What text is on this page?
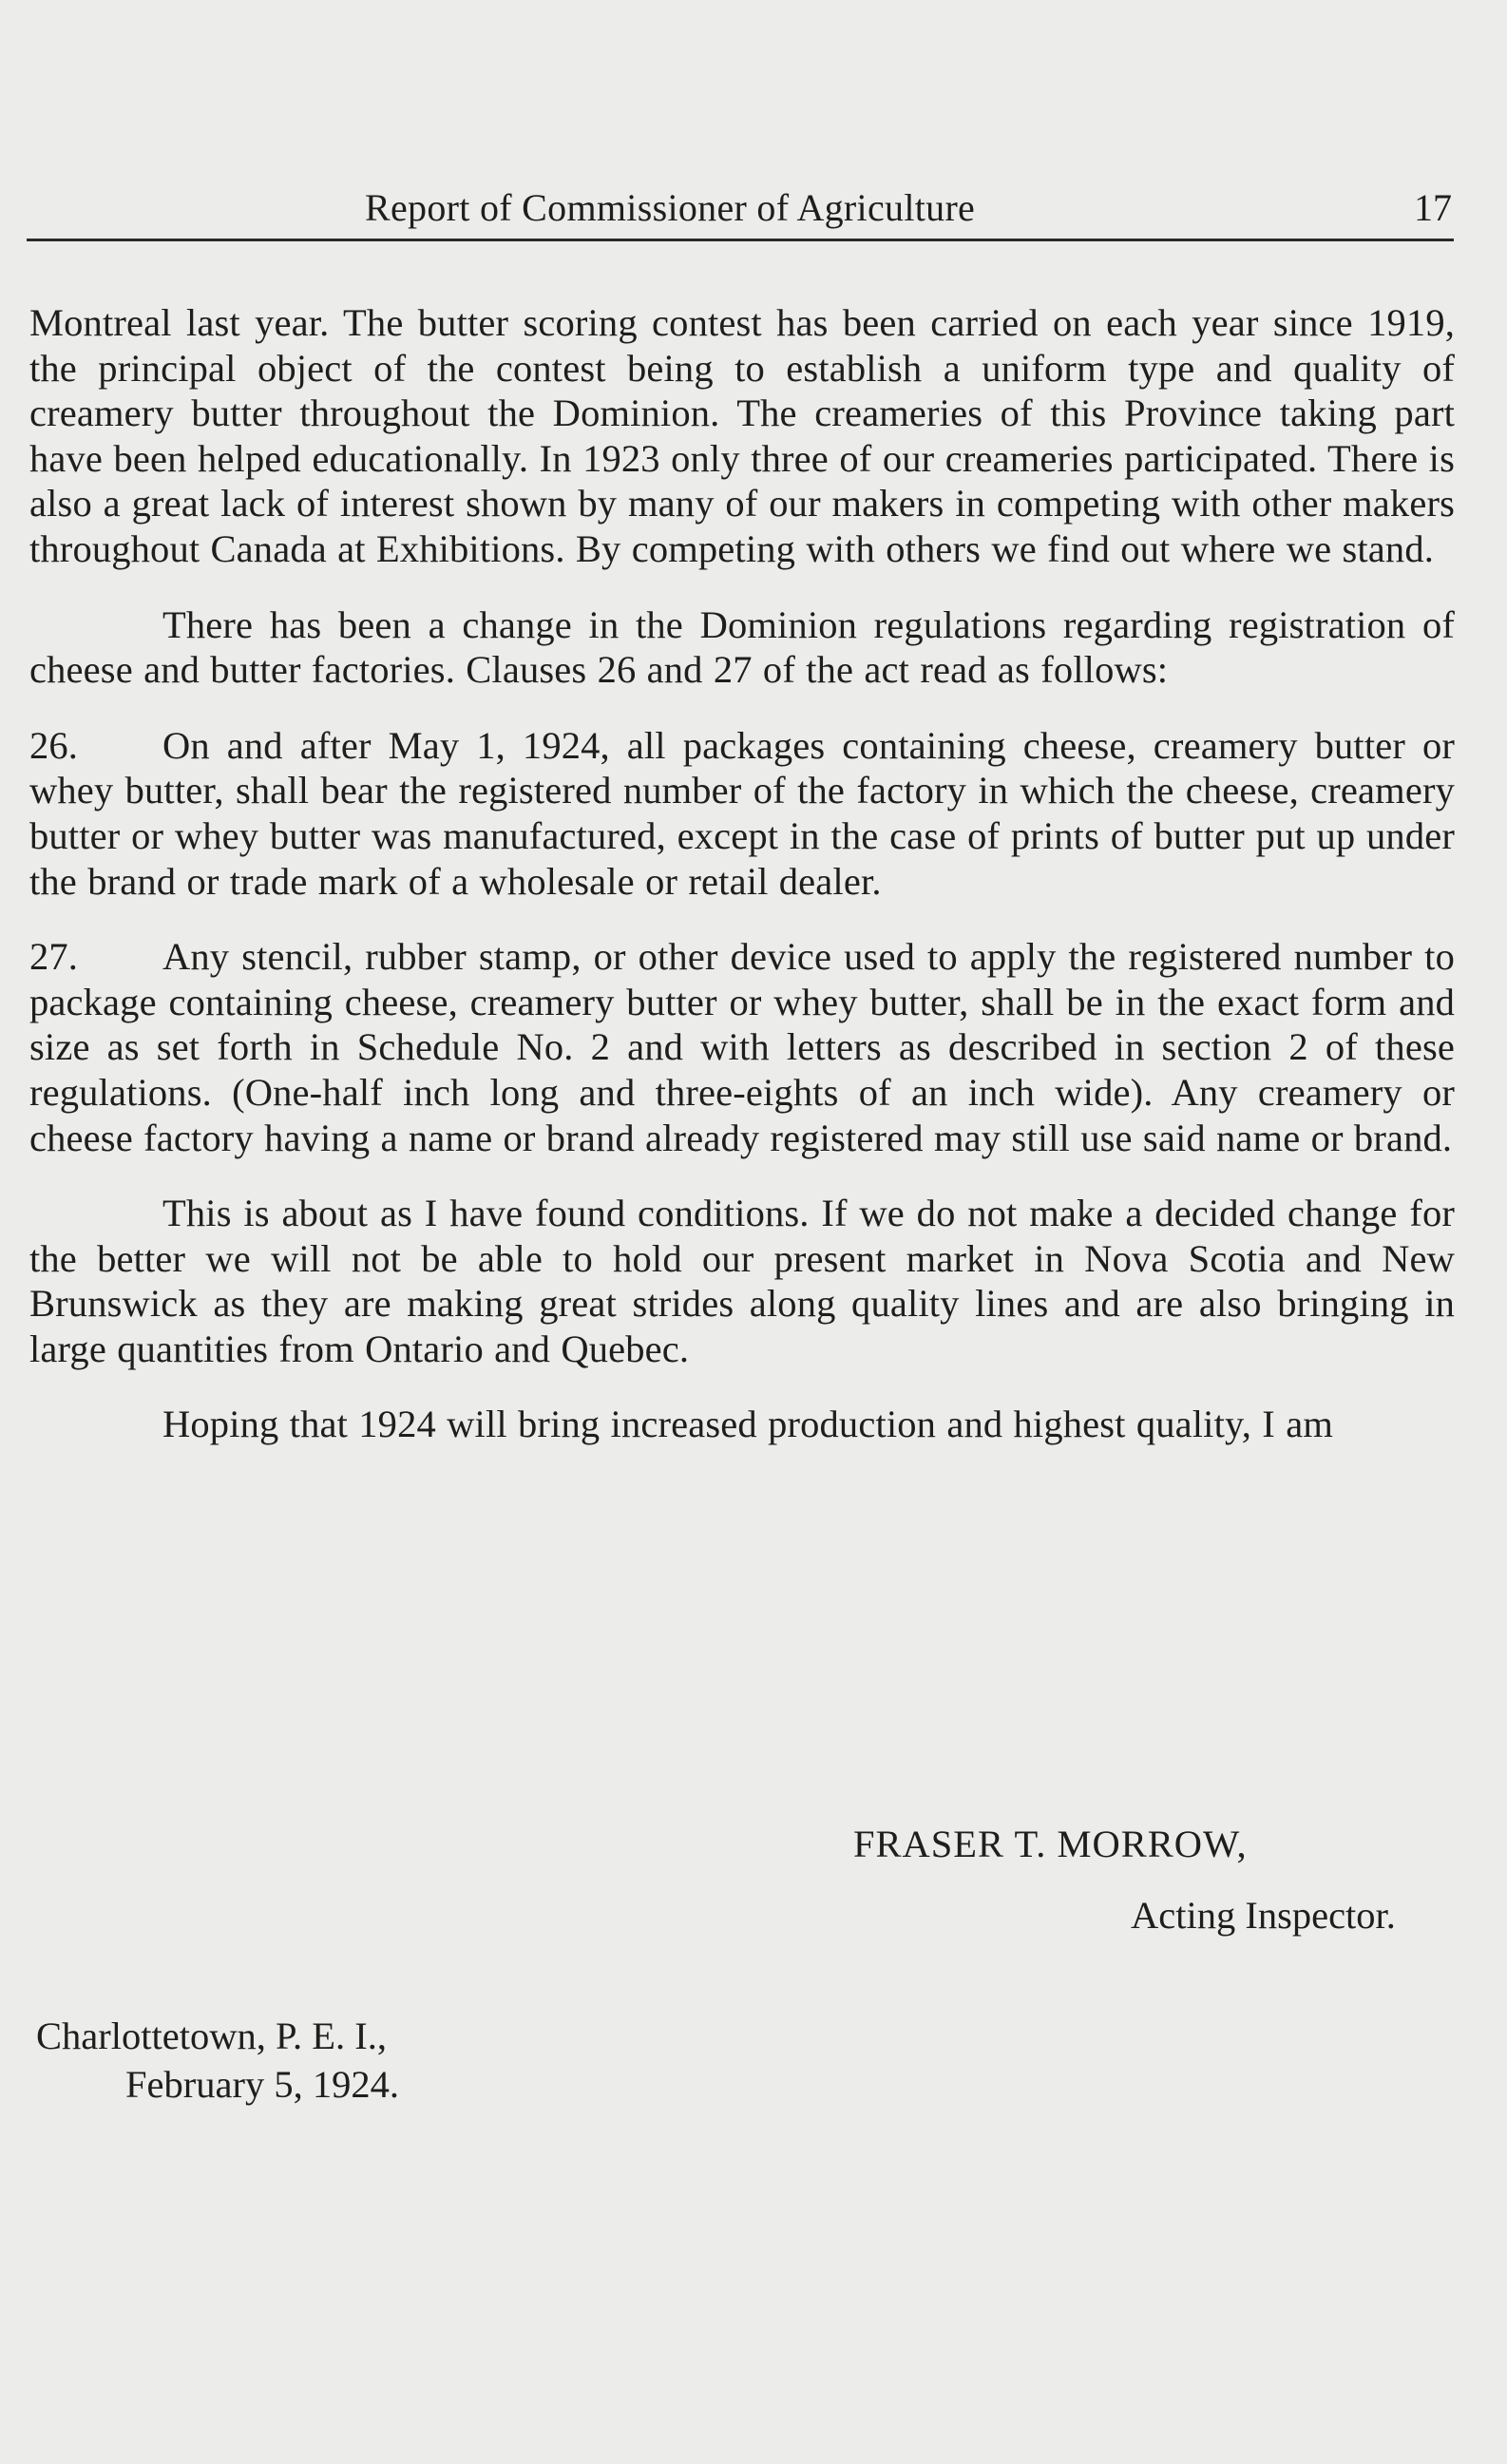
Report of Commissioner of Agriculture	17

Montreal last year. The butter scoring contest has been carried on each year since 1919, the principal object of the contest being to establish a uniform type and quality of creamery butter throughout the Dominion. The creameries of this Province taking part have been helped educationally. In 1923 only three of our creameries participated. There is also a great lack of interest shown by many of our makers in competing with other makers throughout Canada at Exhibitions. By competing with others we find out where we stand.

There has been a change in the Dominion regulations regarding registration of cheese and butter factories. Clauses 26 and 27 of the act read as follows:

26. On and after May 1, 1924, all packages containing cheese, creamery butter or whey butter, shall bear the registered number of the factory in which the cheese, creamery butter or whey butter was manufactured, except in the case of prints of butter put up under the brand or trade mark of a wholesale or retail dealer.

27. Any stencil, rubber stamp, or other device used to apply the registered number to package containing cheese, creamery butter or whey butter, shall be in the exact form and size as set forth in Schedule No. 2 and with letters as described in section 2 of these regulations. (One-half inch long and three-eights of an inch wide). Any creamery or cheese factory having a name or brand already registered may still use said name or brand.

This is about as I have found conditions. If we do not make a decided change for the better we will not be able to hold our present market in Nova Scotia and New Brunswick as they are making great strides along quality lines and are also bringing in large quantities from Ontario and Quebec.

Hoping that 1924 will bring increased production and highest quality, I am

FRASER T. MORROW,
Acting Inspector.
Charlottetown, P. E. I.,
February 5, 1924.
